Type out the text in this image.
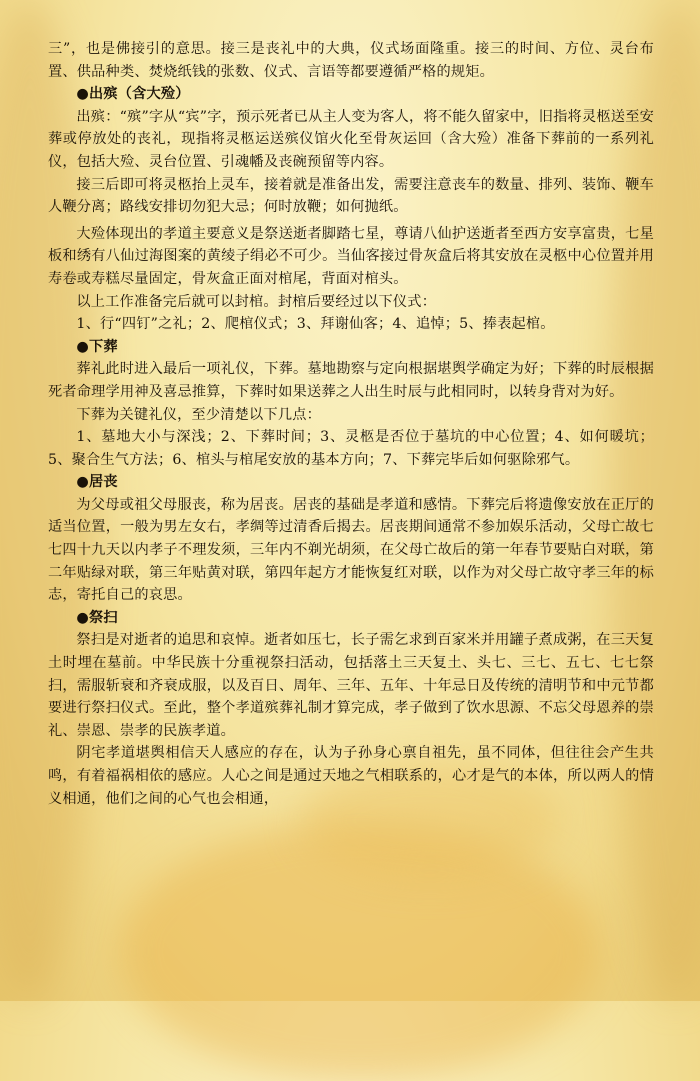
三”，也是佛接引的意思。接三是丧礼中的大典，仪式场面隆重。接三的时间、方位、灵台布置、供品种类、焚烧纸钱的张数、仪式、言语等都要遵循严格的规矩。

●出殡（含大殓）

出殡：“殡”字从“宾”字，预示死者已从主人变为客人，将不能久留家中，旧指将灵柩送至安葬或停放处的丧礼，现指将灵柩运送殡仪馆火化至骨灰运回（含大殓）准备下葬前的一系列礼仪，包括大殓、灵台位置、引魂幡及丧碗预留等内容。

接三后即可将灵柩抬上灵车，接着就是准备出发，需要注意丧车的数量、排列、装饰、鞭车人鞭分离；路线安排切勿犯大忌；何时放鞭；如何抛纸。

大殓体现出的孝道主要意义是祭送逝者脚踏七星，尊请八仙护送逝者至西方安享富贵，七星板和绣有八仙过海图案的黄绫子绢必不可少。当仙客接过骨灰盒后将其安放在灵柩中心位置并用寿卷或寿糕尽量固定，骨灰盒正面对棺尾，背面对棺头。

以上工作准备完后就可以封棺。封棺后要经过以下仪式：

1、行“四钉”之礼；2、爬棺仪式；3、拜谢仙客；4、追悼；5、捧表起棺。

●下葬

葬礼此时进入最后一项礼仪，下葬。墓地勘察与定向根据堪舆学确定为好；下葬的时辰根据死者命理学用神及喜忌推算，下葬时如果送葬之人出生时辰与此相同时，以转身背对为好。

下葬为关键礼仪，至少清楚以下几点：

1、墓地大小与深浅；2、下葬时间；3、灵柩是否位于墓坑的中心位置；4、如何暖坑；5、聚合生气方法；6、棺头与棺尾安放的基本方向；7、下葬完毕后如何驱除邪气。

●居丧

为父母或祖父母服丧，称为居丧。居丧的基础是孝道和感情。下葬完后将遗像安放在正厅的适当位置，一般为男左女右，孝绸等过清香后揭去。居丧期间通常不参加娱乐活动，父母亡故七七四十九天以内孝子不理发须，三年内不剃光胡须，在父母亡故后的第一年春节要贴白对联，第二年贴绿对联，第三年贴黄对联，第四年起方才能恢复红对联，以作为对父母亡故守孝三年的标志，寄托自己的哀思。

●祭扫

祭扫是对逝者的追思和哀悼。逝者如压七，长子需乞求到百家米并用罐子煮成粥，在三天复土时埋在墓前。中华民族十分重视祭扫活动，包括落土三天复土、头七、三七、五七、七七祭扫，需服斩衰和齐衰成服，以及百日、周年、三年、五年、十年忌日及传统的清明节和中元节都要进行祭扫仪式。至此，整个孝道殡葬礼制才算完成，孝子做到了饮水思源、不忘父母恩养的崇礼、崇恩、崇孝的民族孝道。

阴宅孝道堪舆相信天人感应的存在，认为子孙身心禀自祖先，虽不同体，但往往会产生共鸣，有着福祸相依的感应。人心之间是通过天地之气相联系的，心才是气的本体，所以两人的情义相通，他们之间的心气也会相通，
